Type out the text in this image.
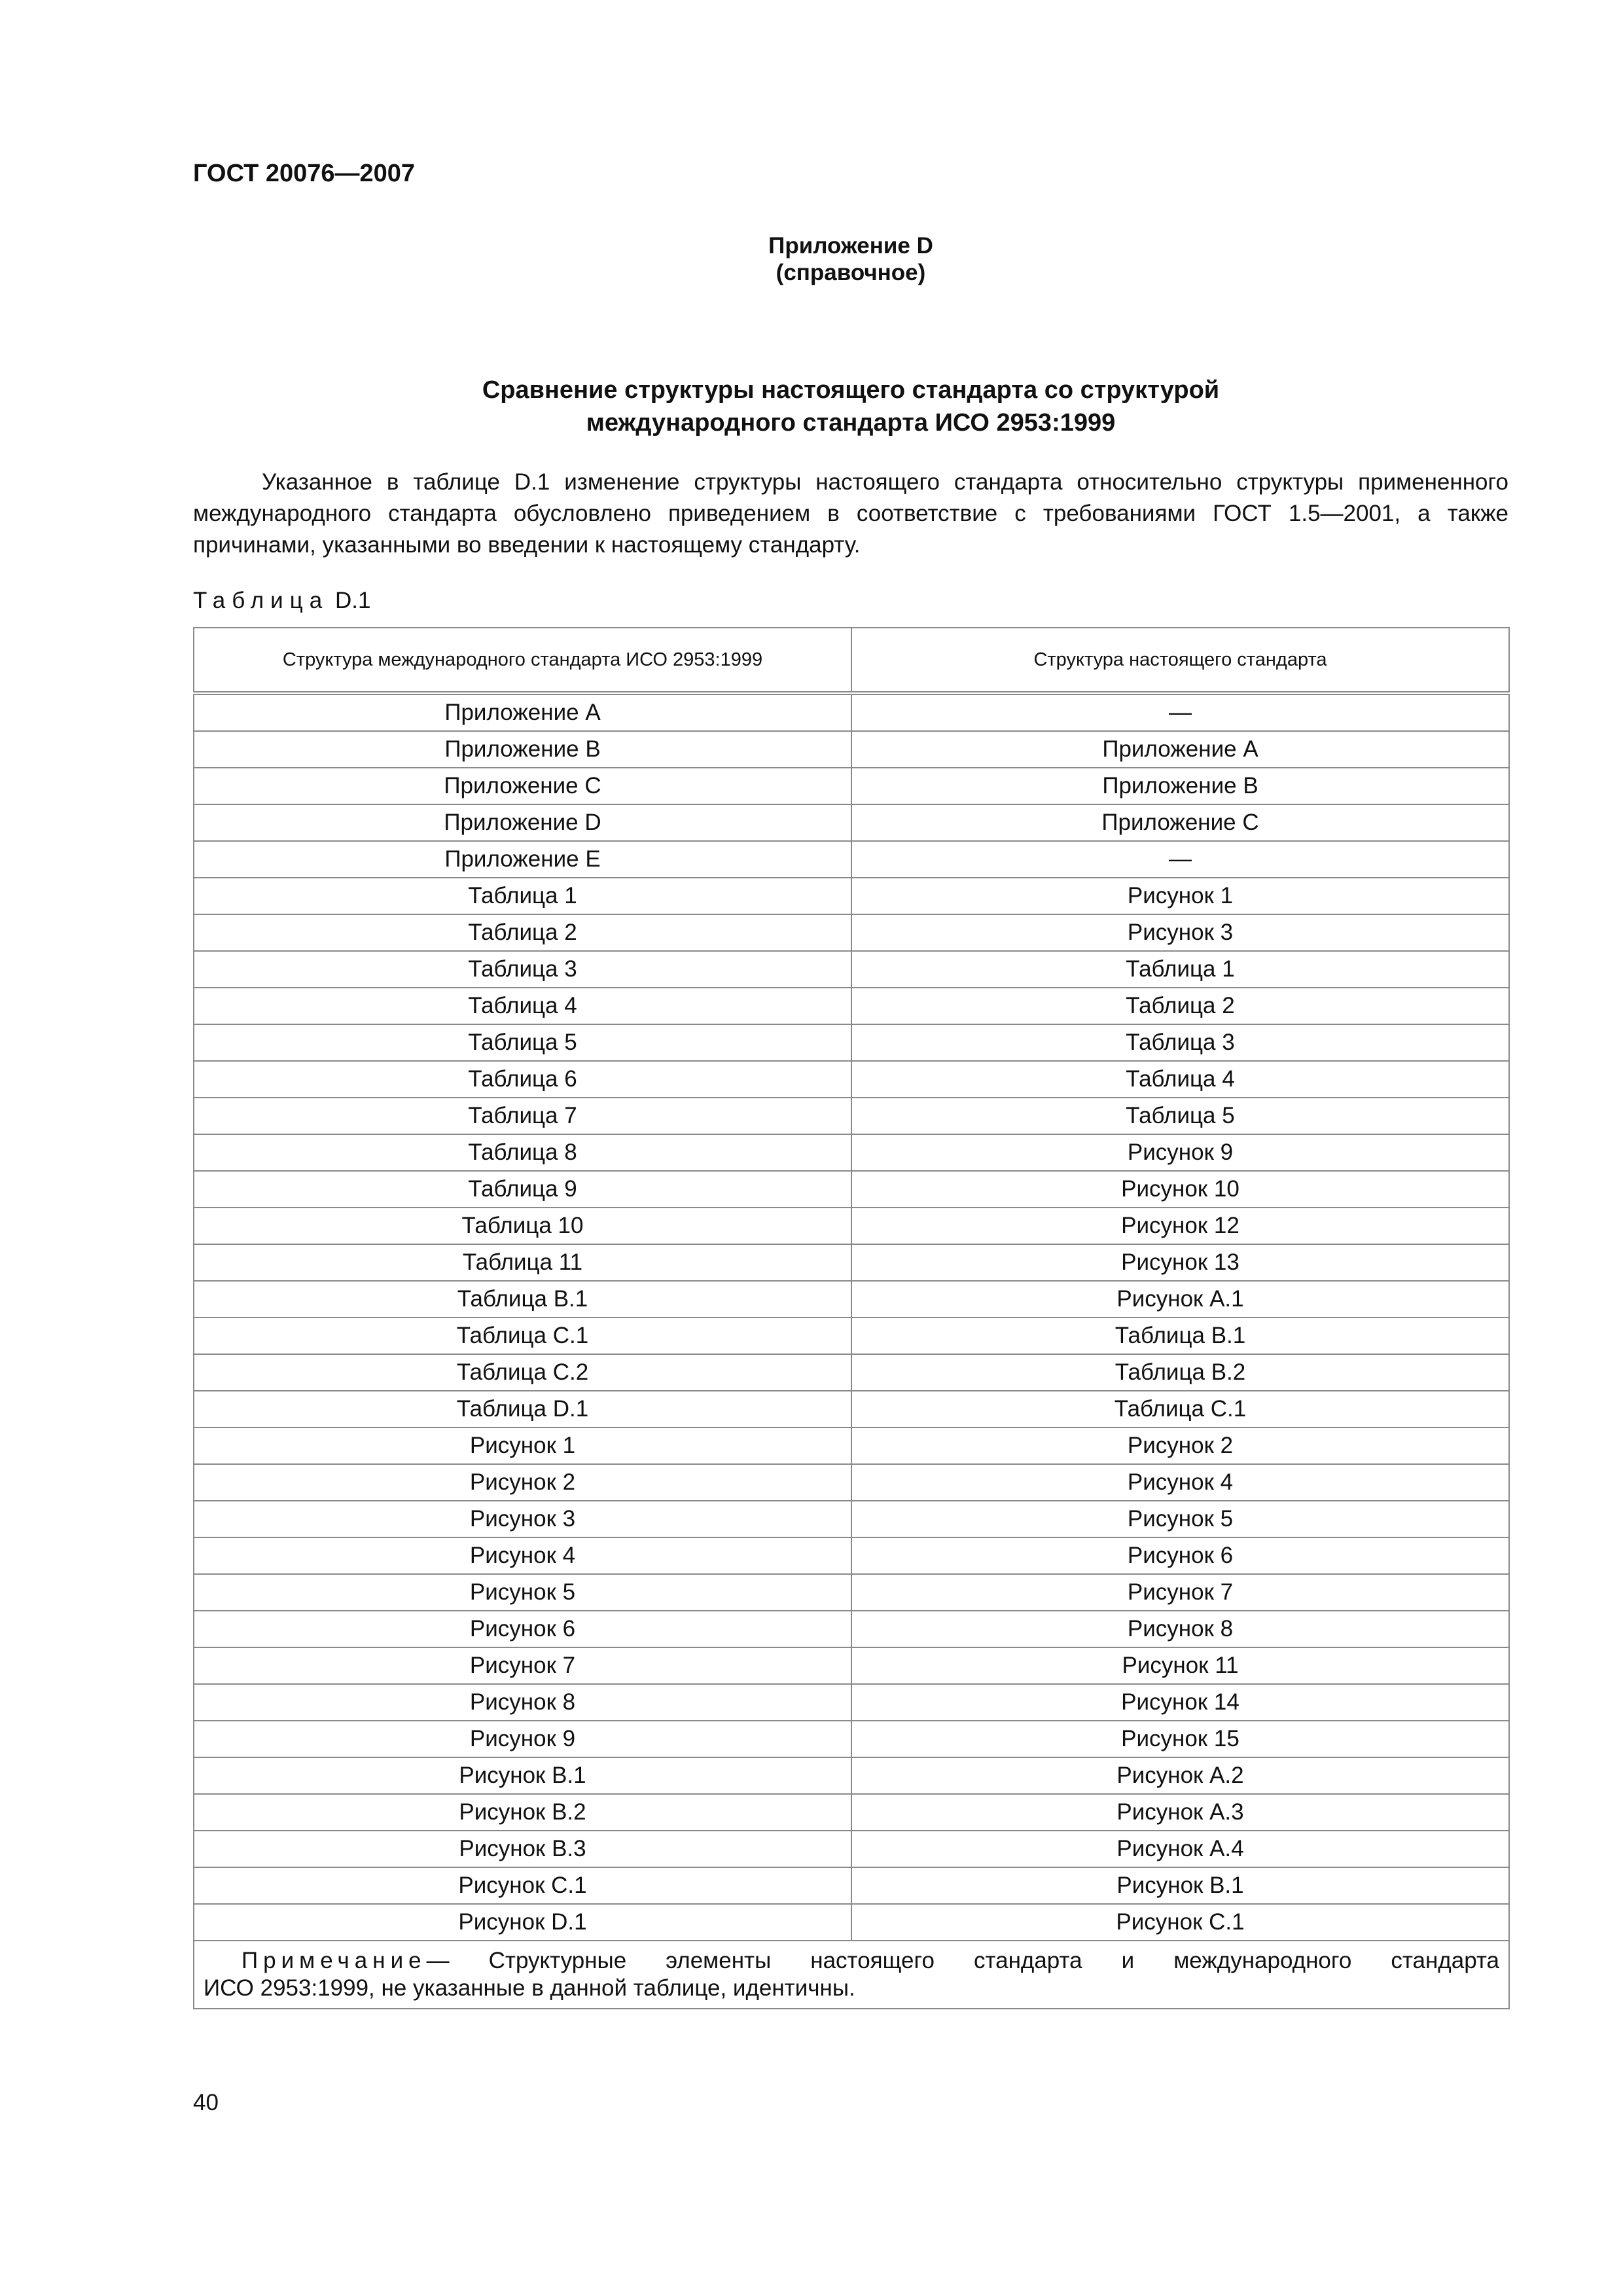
ГОСТ 20076—2007

Приложение D

(справочное)

Сравнение структуры настоящего стандарта со структурой
международного стандарта ИСО 2953:1999

Указанное в таблице D.1 изменение структуры настоящего стандарта относительно структуры примененного международного стандарта обусловлено приведением в соответствие с требованиями ГОСТ 1.5—2001, а также причинами, указанными во введении к настоящему стандарту.

Таблица D.1

Структура международного стандарта ИСО 2953:1999	Структура настоящего стандарта
Приложение A	—
Приложение B	Приложение A
Приложение C	Приложение B
Приложение D	Приложение C
Приложение E	—
Таблица 1	Рисунок 1
Таблица 2	Рисунок 3
Таблица 3	Таблица 1
Таблица 4	Таблица 2
Таблица 5	Таблица 3
Таблица 6	Таблица 4
Таблица 7	Таблица 5
Таблица 8	Рисунок 9
Таблица 9	Рисунок 10
Таблица 10	Рисунок 12
Таблица 11	Рисунок 13
Таблица B.1	Рисунок A.1
Таблица C.1	Таблица B.1
Таблица C.2	Таблица B.2
Таблица D.1	Таблица C.1
Рисунок 1	Рисунок 2
Рисунок 2	Рисунок 4
Рисунок 3	Рисунок 5
Рисунок 4	Рисунок 6
Рисунок 5	Рисунок 7
Рисунок 6	Рисунок 8
Рисунок 7	Рисунок 11
Рисунок 8	Рисунок 14
Рисунок 9	Рисунок 15
Рисунок B.1	Рисунок A.2
Рисунок B.2	Рисунок A.3
Рисунок B.3	Рисунок A.4
Рисунок C.1	Рисунок B.1
Рисунок D.1	Рисунок C.1

Примечание— Структурные элементы настоящего стандарта и международного стандарта
ИСО 2953:1999, не указанные в данной таблице, идентичны.	

40
